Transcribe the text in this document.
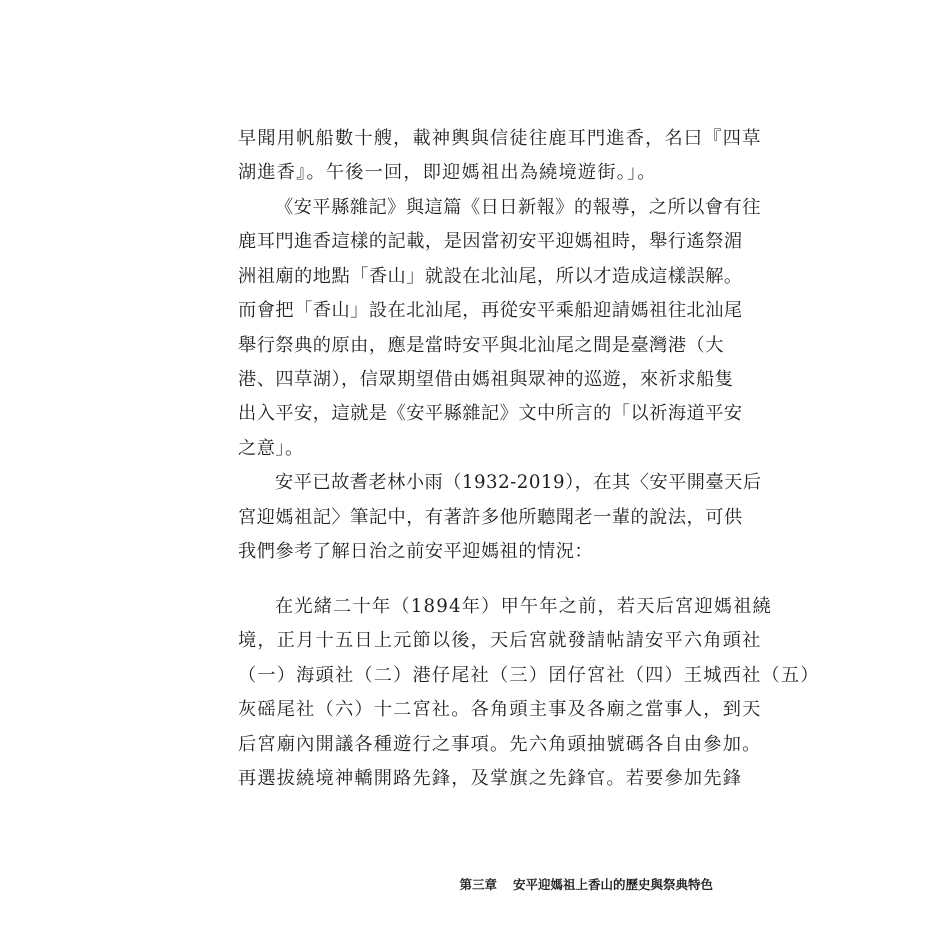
早聞用帆船數十艘，載神輿與信徒往鹿耳門進香，名曰『四草
湖進香』。午後一回，即迎媽祖出為繞境遊街。」。
《安平縣雜記》與這篇《日日新報》的報導，之所以會有往
鹿耳門進香這樣的記載，是因當初安平迎媽祖時，舉行遙祭湄
洲祖廟的地點「香山」就設在北汕尾，所以才造成這樣誤解。
而會把「香山」設在北汕尾，再從安平乘船迎請媽祖往北汕尾
舉行祭典的原由，應是當時安平與北汕尾之間是臺灣港（大
港、四草湖），信眾期望借由媽祖與眾神的巡遊，來祈求船隻
出入平安，這就是《安平縣雜記》文中所言的「以祈海道平安
之意」。
安平已故耆老林小雨（1932-2019），在其〈安平開臺天后
宮迎媽祖記〉筆記中，有著許多他所聽聞老一輩的說法，可供
我們參考了解日治之前安平迎媽祖的情況：
在光緒二十年（1894年）甲午年之前，若天后宮迎媽祖繞
境，正月十五日上元節以後，天后宮就發請帖請安平六角頭社
（一）海頭社（二）港仔尾社（三）囝仔宮社（四）王城西社（五）
灰磘尾社（六）十二宮社。各角頭主事及各廟之當事人，到天
后宮廟內開議各種遊行之事項。先六角頭抽號碼各自由參加。
再選拔繞境神轎開路先鋒，及掌旗之先鋒官。若要參加先鋒
第三章 安平迎媽祖上香山的歷史與祭典特色
